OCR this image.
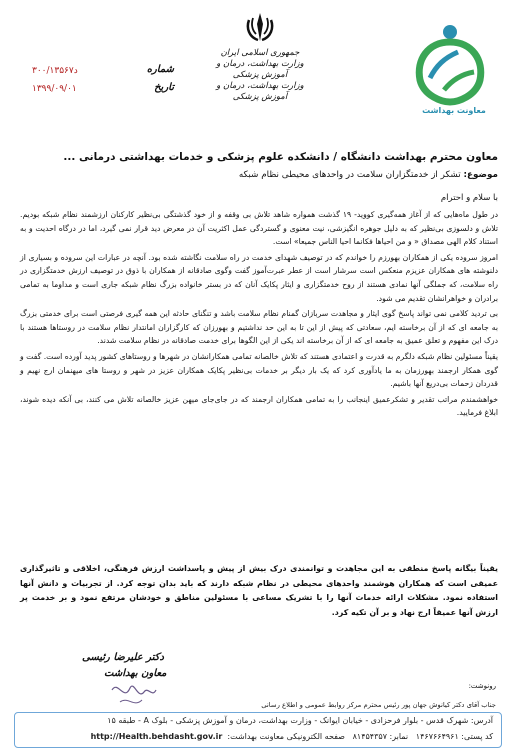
معاونت بهداشت
جمهوری اسلامی ایران
وزارت بهداشت، درمان و آموزش پزشکی
وزارت بهداشت، درمان و آموزش پزشکی
شماره
۳۰۰/۱۳۵۶۷د
تاریخ
۱۳۹۹/۰۹/۰۱
معاون محترم بهداشت دانشگاه / دانشکده علوم پزشکی و خدمات بهداشتی درمانی ...
موضوع: تشکر از خدمتگزاران سلامت در واحدهای محیطی نظام شبکه
با سلام و احترام

در طول ماه‌هایی که از آغاز همه‌گیری کووید- ۱۹ گذشت همواره شاهد تلاش بی وقفه و از خود گذشتگی بی‌نظیر کارکنان ارزشمند نظام شبکه بودیم. تلاش و دلسوزی بی‌نظیر که به دلیل جوهره انگیزشی، نیت معنوی و گستردگی عمل اکثریت آن در معرض دید قرار نمی گیرد، اما در درگاه احدیت و به استناد کلام الهی مصداق « و من احیاها فکانما احیا الناس جمیعا» است.

امروز سروده یکی از همکاران بهورزم را خواندم که در توصیف شهدای خدمت در راه سلامت نگاشته شده بود. آنچه در عبارات این سروده و بسیاری از دلنوشته های همکاران عزیزم منعکس است سرشار است از عطر عبرت‌آموز گفت وگوی صادقانه از همکاران با ذوق در توصیف ارزش خدمتگزاری در راه سلامت، که جملگی آنها نمادی هستند از روح خدمتگزاری و ایثار پکایک آنان که در بستر خانواده بزرگ نظام شبکه جاری است و مداوما به تمامی برادران و خواهرانشان تقدیم می شود.

بی تردید کلامی نمی تواند پاسخ گوی ایثار و مجاهدت سربازان گمنام نظام سلامت باشد و تنگنای حادثه این همه گیری فرصتی است برای خدمتی بزرگ به جامعه ای که از آن برخاسته ایم، سعادتی که پیش از این تا به این حد نداشتیم و بهورزان که کارگزاران امانتدار نظام سلامت در روستاها هستند با درک این مفهوم و تعلق عمیق به جامعه ای که از آن برخاسته اند یکی از این الگوها برای خدمت صادقانه در نظام سلامت شدند.

یقیناً مسئولین نظام شبکه دلگرم به قدرت و اعتمادی هستند که تلاش خالصانه تمامی همکارانشان در شهرها و روستاهای کشور پدید آورده است. گفت و گوی همکار ارجمند بهورزمان به ما یادآوری کرد که یک بار دیگر بر خدمات بی‌نظیر پکایک همکاران عزیز در شهر و روستا های میهنمان ارج نهیم و قدردان زحمات بی‌دریغ آنها باشیم.

خواهشمندم مراتب تقدیر و تشکرعمیق اینجانب را به تمامی همکاران ارجمند که در جای‌جای میهن عزیز خالصانه تلاش می کنند، بی آنکه دیده شوند، ابلاغ فرمایید.

یقیناً بیگانه پاسخ منطقی به این مجاهدت و توانمندی درک بیش از پیش و پاسداشت ارزش فرهنگی، اخلاقی و تاثیرگذاری عمیقی است که همکاران هوشمند واحدهای محیطی در نظام شبکه دارند که باید بدان توجه کرد. از تجربیات و دانش آنها استفاده نمود. مشکلات ارائه خدمات آنها را با تشریک مساعی با مسئولین مناطق و خودشان مرتفع نمود و بر خدمت پر ارزش آنها عمیقاً ارج نهاد و بر آن تکیه کرد.
دکتر علیرضا رئیسی
معاون بهداشت
رونوشت:
جناب آقای دکتر کیانوش جهان پور رئیس محترم مرکز روابط عمومی و اطلاع رسانی
آدرس: شهرک قدس - بلوار فرحزادی - خیابان ایوانک - وزارت بهداشت، درمان و آموزش پزشکی - بلوک A - طبقه ۱۵
کد پستی: ۱۴۶۷۶۶۴۹۶۱   نمابر: ۸۱۴۵۴۳۵۷   صفحه الکترونیکی معاونت بهداشت:  http://Health.behdasht.gov.ir
